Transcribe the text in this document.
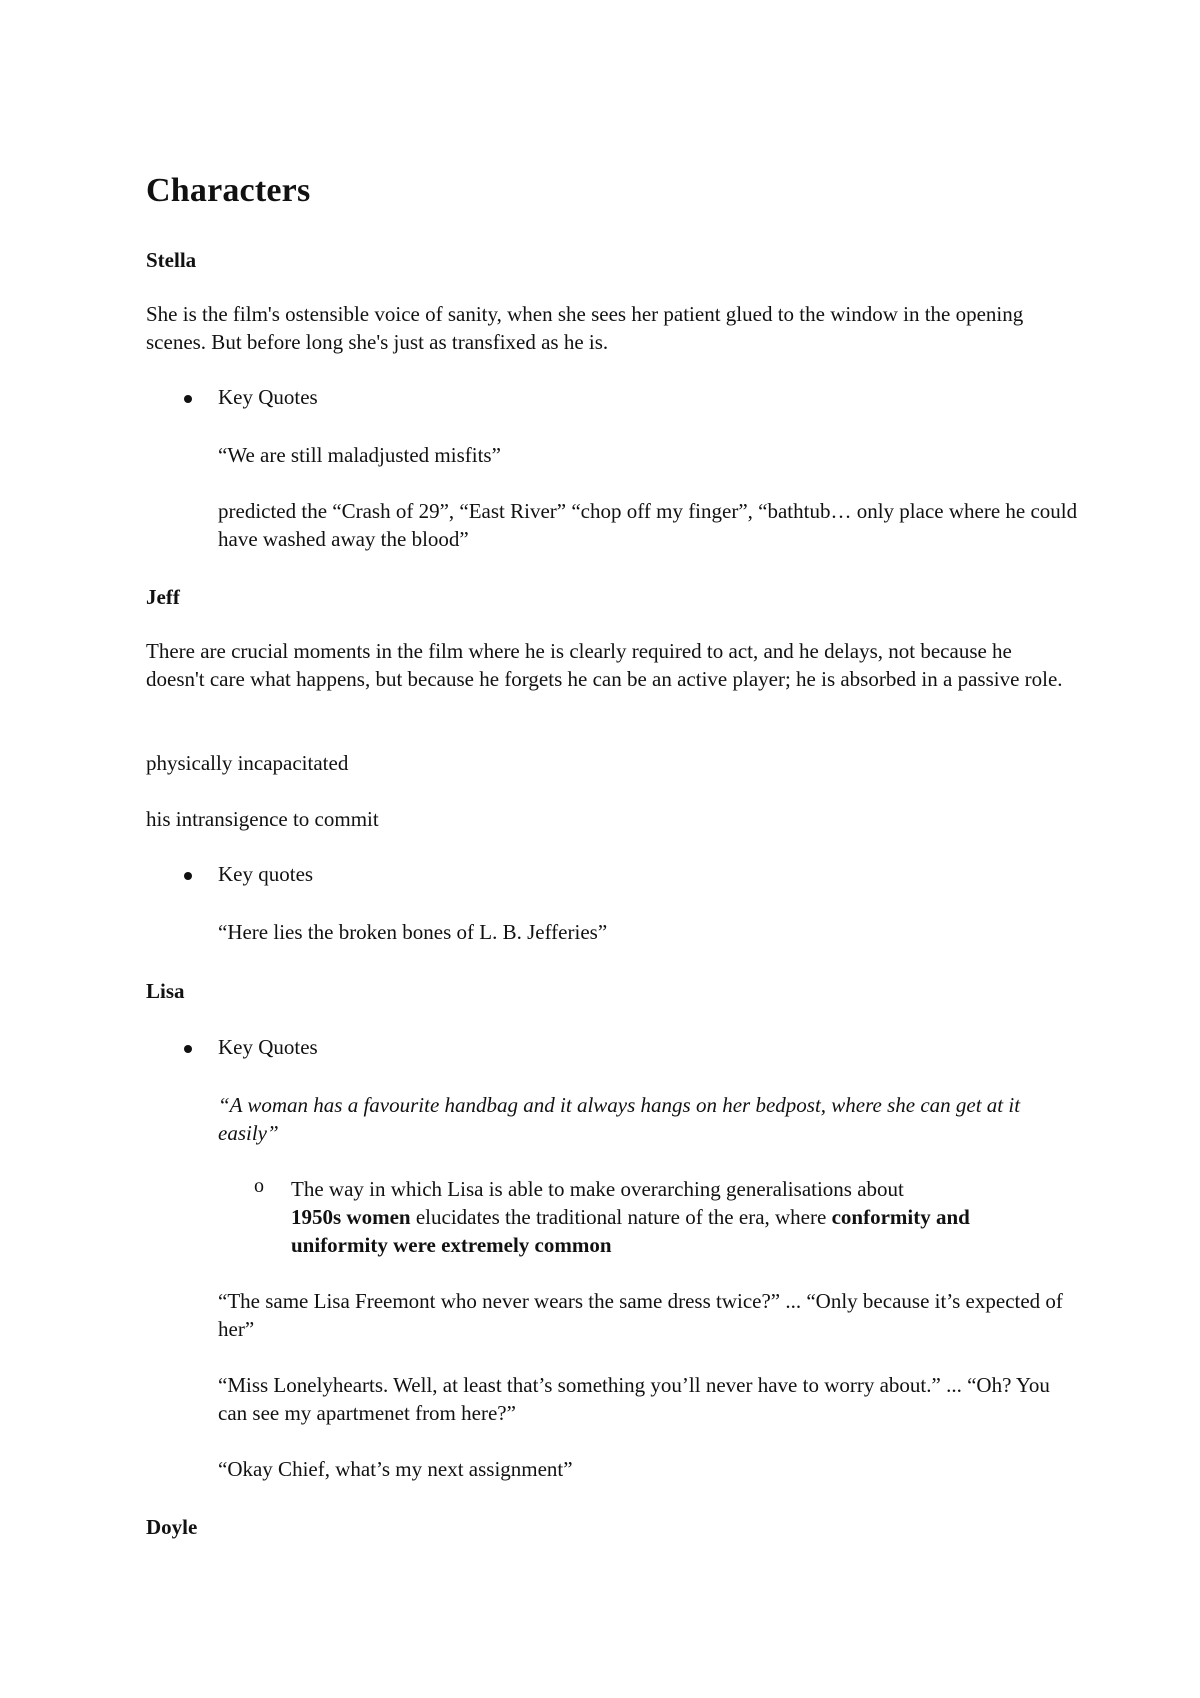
Characters
Stella

She is the film's ostensible voice of sanity, when she sees her patient glued to the window in the opening scenes. But before long she's just as transfixed as he is.

Key Quotes

“We are still maladjusted misfits”

predicted the “Crash of 29”, “East River” “chop off my finger”, “bathtub… only place where he could have washed away the blood”

Jeff

There are crucial moments in the film where he is clearly required to act, and he delays, not because he doesn't care what happens, but because he forgets he can be an active player; he is absorbed in a passive role.

physically incapacitated

his intransigence to commit

Key quotes

“Here lies the broken bones of L. B. Jefferies”

Lisa
Key Quotes

“A woman has a favourite handbag and it always hangs on her bedpost, where she can get at it easily”

o The way in which Lisa is able to make overarching generalisations about
1950s women elucidates the traditional nature of the era, where conformity and uniformity were extremely common

“The same Lisa Freemont who never wears the same dress twice?” ... “Only because it’s expected of her”

“Miss Lonelyhearts. Well, at least that’s something you’ll never have to worry about.” ... “Oh? You can see my apartmenet from here?”

“Okay Chief, what’s my next assignment”

Doyle
